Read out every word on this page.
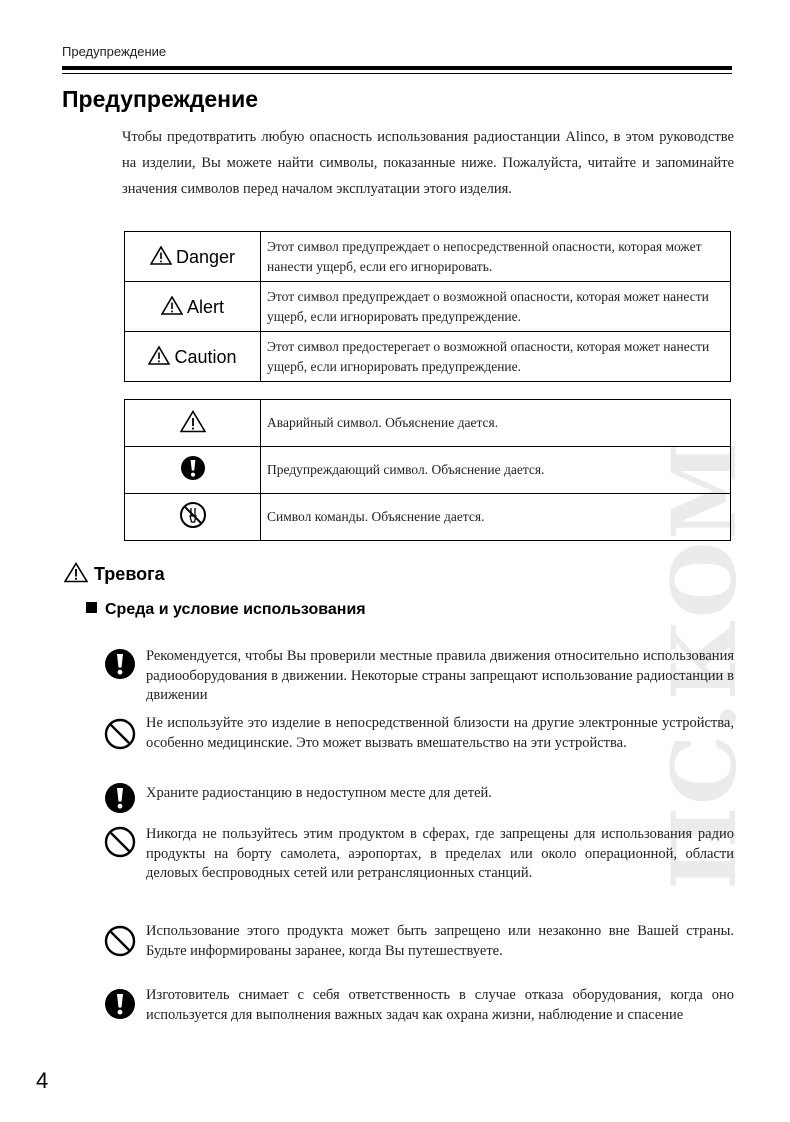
Предупреждение
Предупреждение
Чтобы предотвратить любую опасность использования радиостанции Alinco, в этом руководстве на изделии, Вы можете найти символы, показанные ниже. Пожалуйста, читайте и запоминайте значения символов перед началом эксплуатации этого изделия.
ПС.КОМ
Danger	Этот символ предупреждает о непосредственной опасности, которая может нанести ущерб, если его игнорировать.
Alert	Этот символ предупреждает о возможной опасности, которая может нанести ущерб, если игнорировать предупреждение.
Caution	Этот символ предостерегает о возможной опасности, которая может нанести ущерб, если игнорировать предупреждение.
	Аварийный символ. Объяснение дается.
	Предупреждающий символ. Объяснение дается.
	Символ команды. Объяснение дается.
Тревога
Среда и условие использования
Рекомендуется, чтобы Вы проверили местные правила движения относительно использования радиооборудования в движении. Некоторые страны запрещают использование радиостанции в движении
Не используйте это изделие в непосредственной близости на другие электронные устройства, особенно медицинские. Это может вызвать вмешательство на эти устройства.
Храните радиостанцию в недоступном месте для детей.
Никогда не пользуйтесь этим продуктом в сферах, где запрещены для использования радио продукты на борту самолета, аэропортах, в пределах или около операционной, области деловых беспроводных сетей или ретрансляционных станций.
Использование этого продукта может быть запрещено или незаконно вне Вашей страны. Будьте информированы заранее, когда Вы путешествуете.
Изготовитель снимает с себя ответственность в случае отказа оборудования, когда оно используется для выполнения важных задач как охрана жизни, наблюдение и спасение
4
